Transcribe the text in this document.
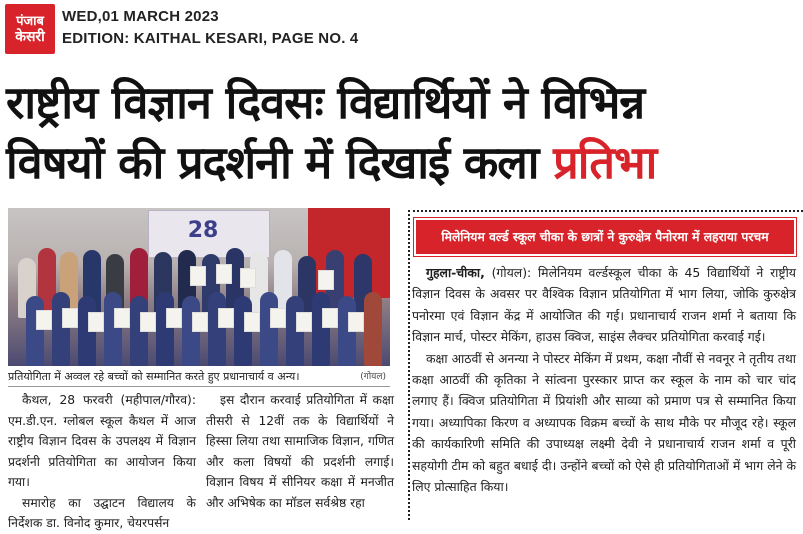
पंजाब
केसरी
WED,01 MARCH 2023
EDITION: KAITHAL KESARI, PAGE NO. 4
राष्ट्रीय विज्ञान दिवसः विद्यार्थियों ने विभिन्न
विषयों की प्रदर्शनी में दिखाई कला प्रतिभा
28
प्रतियोगिता में अव्वल रहे बच्चों को सम्मानित करते हुए प्रधानाचार्य व अन्य।	(गोयल)

कैथल, 28 फरवरी (महीपाल/गौरव): एम.डी.एन. ग्लोबल स्कूल कैथल में आज राष्ट्रीय विज्ञान दिवस के उपलक्ष्य में विज्ञान प्रदर्शनी प्रतियोगिता का आयोजन किया गया।

समारोह का उद्घाटन विद्यालय के निर्देशक डा. विनोद कुमार, चेयरपर्सन

इस दौरान करवाई प्रतियोगिता में कक्षा तीसरी से 12वीं तक के विद्यार्थियों ने हिस्सा लिया तथा सामाजिक विज्ञान, गणित और कला विषयों की प्रदर्शनी लगाई। विज्ञान विषय में सीनियर कक्षा में मनजीत और अभिषेक का मॉडल सर्वश्रेष्ठ रहा

मिलेनियम वर्ल्ड स्कूल चीका के छात्रों ने कुरुक्षेत्र पैनोरमा में लहराया परचम

गुहला-चीका, (गोयल): मिलेनियम वर्ल्डस्कूल चीका के 45 विद्यार्थियों ने राष्ट्रीय विज्ञान दिवस के अवसर पर वैश्विक विज्ञान प्रतियोगिता में भाग लिया, जोकि कुरुक्षेत्र पनोरमा एवं विज्ञान केंद्र में आयोजित की गई। प्रधानाचार्य राजन शर्मा ने बताया कि विज्ञान मार्च, पोस्टर मेकिंग, हाउस क्विज, साइंस लैक्चर प्रतियोगिता करवाई गई।

कक्षा आठवीं से अनन्या ने पोस्टर मेकिंग में प्रथम, कक्षा नौवीं से नवनूर ने तृतीय तथा कक्षा आठवीं की कृतिका ने सांत्वना पुरस्कार प्राप्त कर स्कूल के नाम को चार चांद लगाए हैं। क्विज प्रतियोगिता में प्रियांशी और साव्या को प्रमाण पत्र से सम्मानित किया गया। अध्यापिका किरण व अध्यापक विक्रम बच्चों के साथ मौके पर मौजूद रहे। स्कूल की कार्यकारिणी समिति की उपाध्यक्ष लक्ष्मी देवी ने प्रधानाचार्य राजन शर्मा व पूरी सहयोगी टीम को बहुत बधाई दी। उन्होंने बच्चों को ऐसे ही प्रतियोगिताओं में भाग लेने के लिए प्रोत्साहित किया।
